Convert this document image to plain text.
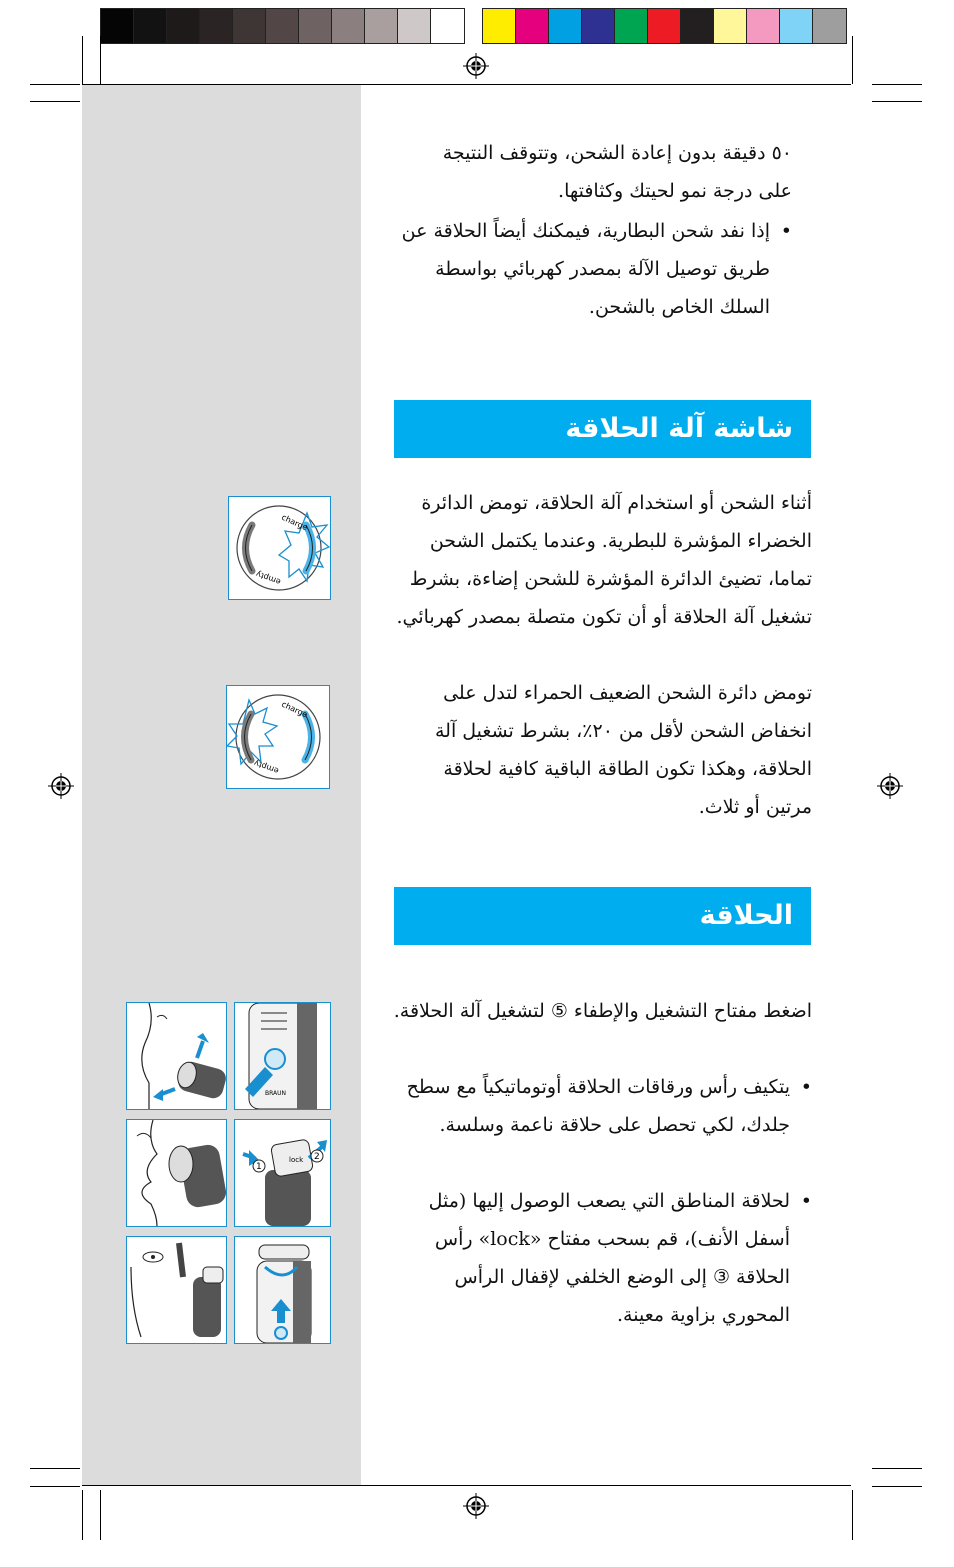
٥٠ دقيقة بدون إعادة الشحن، وتتوقف النتيجة

على درجة نمو لحيتك وكثافتها.

•
إذا نفد شحن البطارية، فيمكنك أيضاً الحلاقة عن طريق توصيل الآلة بمصدر كهربائي بواسطة السلك الخاص بالشحن.

شاشة آلة الحلاقة

أثناء الشحن أو استخدام آلة الحلاقة، تومض الدائرة الخضراء المؤشرة للبطرية. وعندما يكتمل الشحن تماما، تضيئ الدائرة المؤشرة للشحن إضاءة، بشرط تشغيل آلة الحلاقة أو أن تكون متصلة بمصدر كهربائي.

تومض دائرة الشحن الضعيف الحمراء لتدل على انخفاض الشحن لأقل من ٢٠٪، بشرط تشغيل آلة الحلاقة، وهكذا تكون الطاقة الباقية كافية لحلاقة مرتين أو ثلاث.

charge
empty
charge
empty
الحلاقة

اضغط مفتاح التشغيل والإطفاء ⑤ لتشغيل آلة الحلاقة.

•
يتكيف رأس ورقاقات الحلاقة أوتوماتيكياً مع سطح جلدك، لكي تحصل على حلاقة ناعمة وسلسة.

•
لحلاقة المناطق التي يصعب الوصول إليها (مثل أسفل الأنف)، قم بسحب مفتاح «lock» رأس الحلاقة ③ إلى الوضع الخلفي لإقفال الرأس المحوري بزاوية معينة.

BRAUN
1
lock 2
